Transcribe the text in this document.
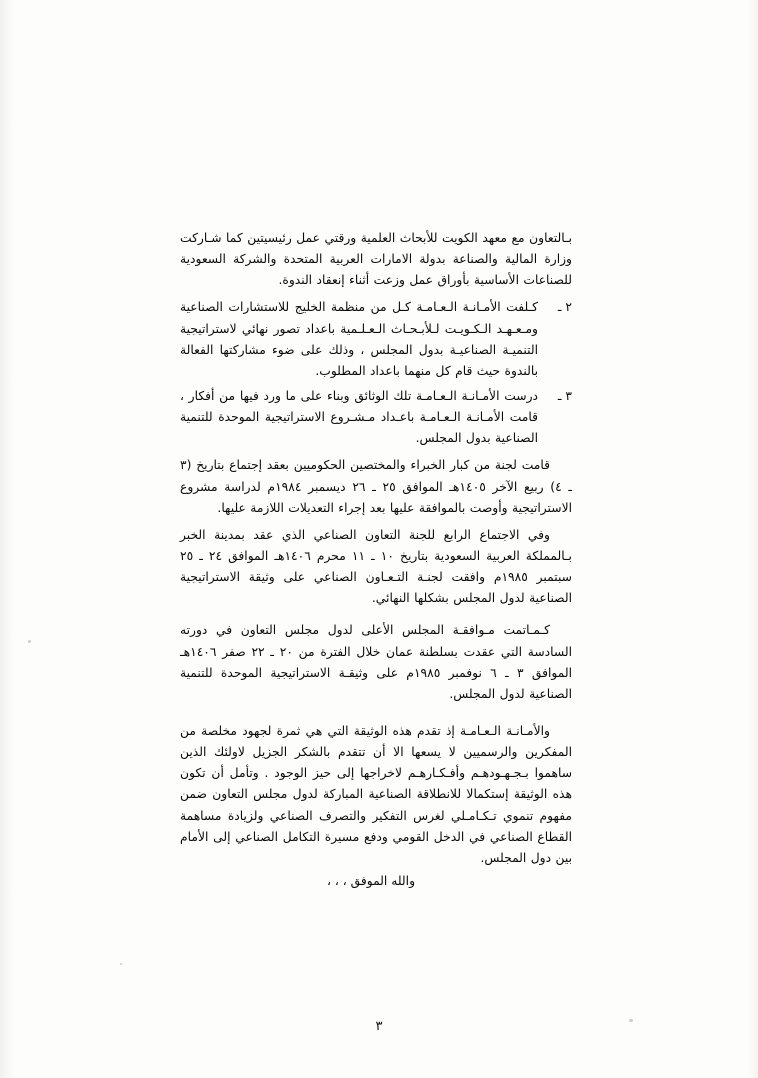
بـالتعاون مع معهد الكويت للأبحاث العلمية ورقتي عمل رئيسيتين كما شـاركت وزارة المالية والصناعة بدولة الامارات العربية المتحدة والشركة السعودية للصناعات الأساسية بأوراق عمل وزعت أثناء إنعقاد الندوة.

٢ ـ

كـلفت الأمـانـة الـعـامـة كـل من منظمة الخليج للاستشارات الصناعية ومـعـهـد الـكـويـت لـلأبـحـاث الـعـلـمية باعداد تصور نهائي لاستراتيجية التنميـة الصناعيـة بدول المجلس ، وذلك على ضوء مشاركتها الفعالة بالندوة حيث قام كل منهما باعداد المطلوب.

٣ ـ

درست الأمـانـة الـعـامـة تلك الوثائق وبناء على ما ورد فيها من أفكار ، قامت الأمـانـة الـعـامـة باعـداد مـشـروع الاستراتيجية الموحدة للتنمية الصناعية بدول المجلس.

قامت لجنة من كبار الخبراء والمختصين الحكوميين بعقد إجتماع بتاريخ (٣ ـ ٤) ربيع الآخر ١٤٠٥هـ الموافق ٢٥ ـ ٢٦ ديسمبر ١٩٨٤م لدراسة مشروع الاستراتيجية وأوصت بالموافقة عليها بعد إجراء التعديلات اللازمة عليها.

وفي الاجتماع الرابع للجنة التعاون الصناعي الذي عقد بمدينة الخبر بـالمملكة العربية السعودية بتاريخ ١٠ ـ ١١ محرم ١٤٠٦هـ الموافق ٢٤ ـ ٢٥ سبتمبر ١٩٨٥م وافقت لجنـة التـعـاون الصناعي على وثيقة الاستراتيجية الصناعية لدول المجلس بشكلها النهائي.

كـمـاتمت مـوافقـة المجلس الأعلى لدول مجلس التعاون في دورته السادسة التي عقدت بسلطنة عمان خلال الفترة من ٢٠ ـ ٢٢ صفر ١٤٠٦هـ الموافق ٣ ـ ٦ نوفمبر ١٩٨٥م على وثيقـة الاستراتيجية الموحدة للتنمية الصناعية لدول المجلس.

والأمـانـة الـعـامـة إذ تقدم هذه الوثيقة التي هي ثمرة لجهود مخلصة من المفكرين والرسميين لا يسعها الا أن تتقدم بالشكر الجزيل لاولئك الذين ساهموا بـجـهـودهـم وأفـكـارهـم لاخراجها إلى حيز الوجود . وتأمل أن تكون هذه الوثيقة إستكمالا للانطلاقة الصناعية المباركة لدول مجلس التعاون ضمن مفهوم تنموي تـكـامـلي لغرس التفكير والتصرف الصناعي ولزيادة مساهمة القطاع الصناعي في الدخل القومي ودفع مسيرة التكامل الصناعي إلى الأمام بين دول المجلس.

والله الموفق ، ، ،

٣
